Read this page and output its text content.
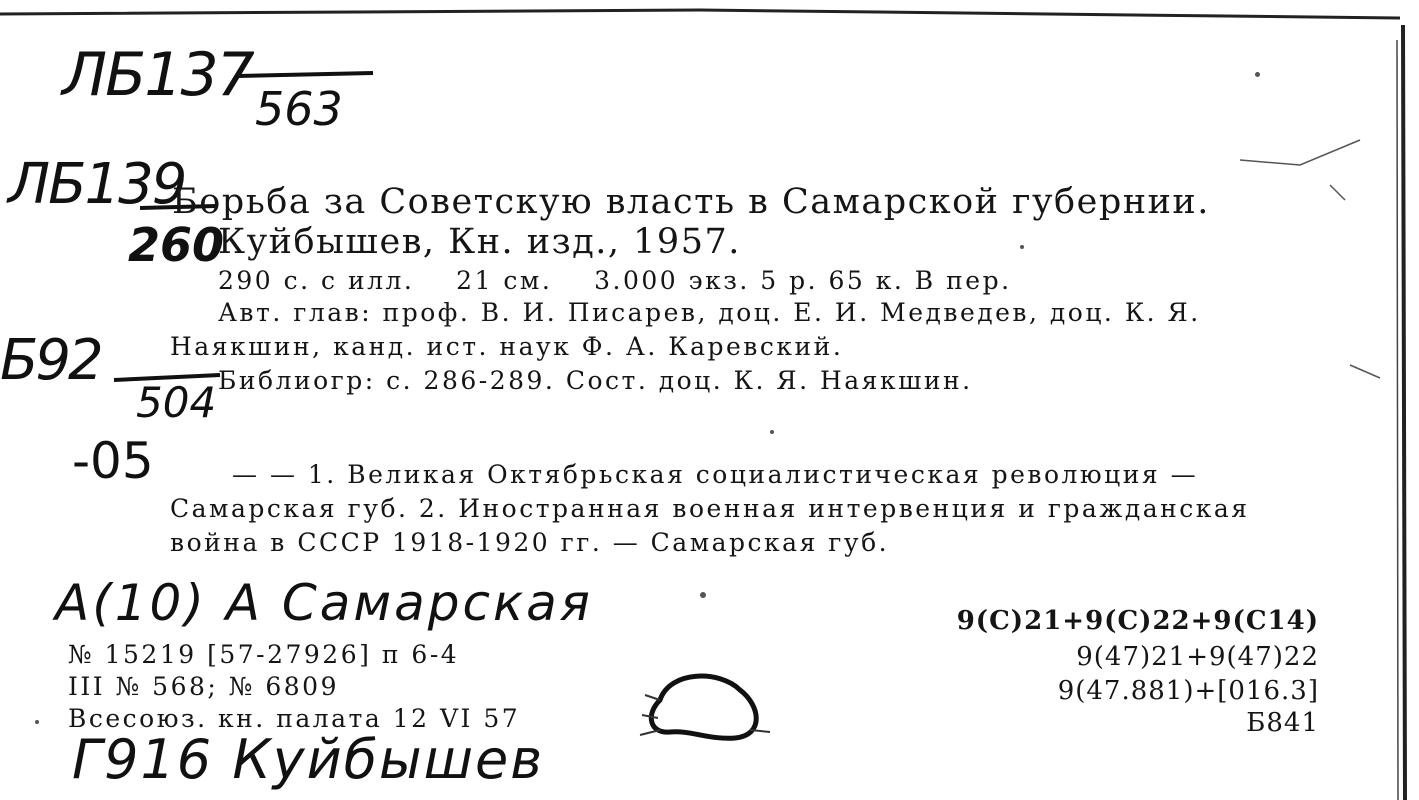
ЛБ137 563
ЛБ139
260
Б92
504
-05
Борьба за Советскую власть в Самарской губернии.
Куйбышев, Кн. изд., 1957.
290 с. с илл.    21 см.    3.000 экз. 5 р. 65 к. В пер.
Авт. глав: проф. В. И. Писарев, доц. Е. И. Медведев, доц. К. Я.
Наякшин, канд. ист. наук Ф. А. Каревский.
Библиогр: с. 286-289. Сост. доц. К. Я. Наякшин.
— — 1. Великая Октябрьская социалистическая революция —
Самарская губ. 2. Иностранная военная интервенция и гражданская
война в СССР 1918-1920 гг. — Самарская губ.
А(10) А Самарская
№ 15219 [57-27926] п 6-4
III № 568; № 6809
Всесоюз. кн. палата 12 VI 57
9(С)21+9(С)22+9(С14)
9(47)21+9(47)22
9(47.881)+[016.3]
Б841
Г916 Куйбышев
